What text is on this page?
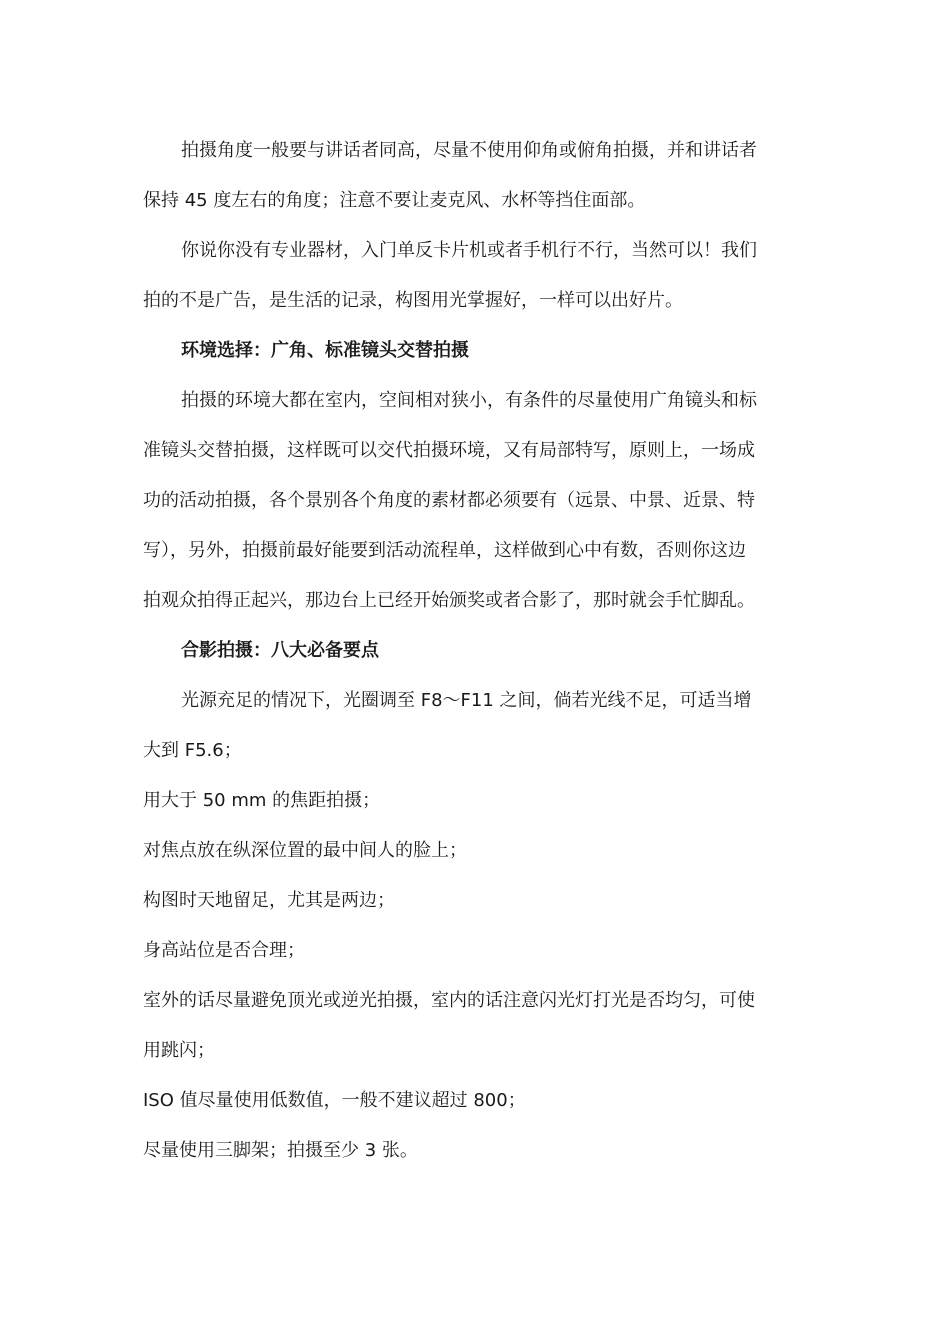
拍摄角度一般要与讲话者同高，尽量不使用仰角或俯角拍摄，并和讲话者
保持 45 度左右的角度；注意不要让麦克风、水杯等挡住面部。
你说你没有专业器材，入门单反卡片机或者手机行不行，当然可以！我们
拍的不是广告，是生活的记录，构图用光掌握好，一样可以出好片。
环境选择：广角、标准镜头交替拍摄
拍摄的环境大都在室内，空间相对狭小，有条件的尽量使用广角镜头和标
准镜头交替拍摄，这样既可以交代拍摄环境，又有局部特写，原则上，一场成
功的活动拍摄，各个景别各个角度的素材都必须要有（远景、中景、近景、特
写），另外，拍摄前最好能要到活动流程单，这样做到心中有数，否则你这边
拍观众拍得正起兴，那边台上已经开始颁奖或者合影了，那时就会手忙脚乱。
合影拍摄：八大必备要点
光源充足的情况下，光圈调至 F8～F11 之间，倘若光线不足，可适当增
大到 F5.6；
用大于 50 mm 的焦距拍摄；
对焦点放在纵深位置的最中间人的脸上；
构图时天地留足，尤其是两边；
身高站位是否合理；
室外的话尽量避免顶光或逆光拍摄，室内的话注意闪光灯打光是否均匀，可使
用跳闪；
ISO 值尽量使用低数值，一般不建议超过 800；
尽量使用三脚架；拍摄至少 3 张。
